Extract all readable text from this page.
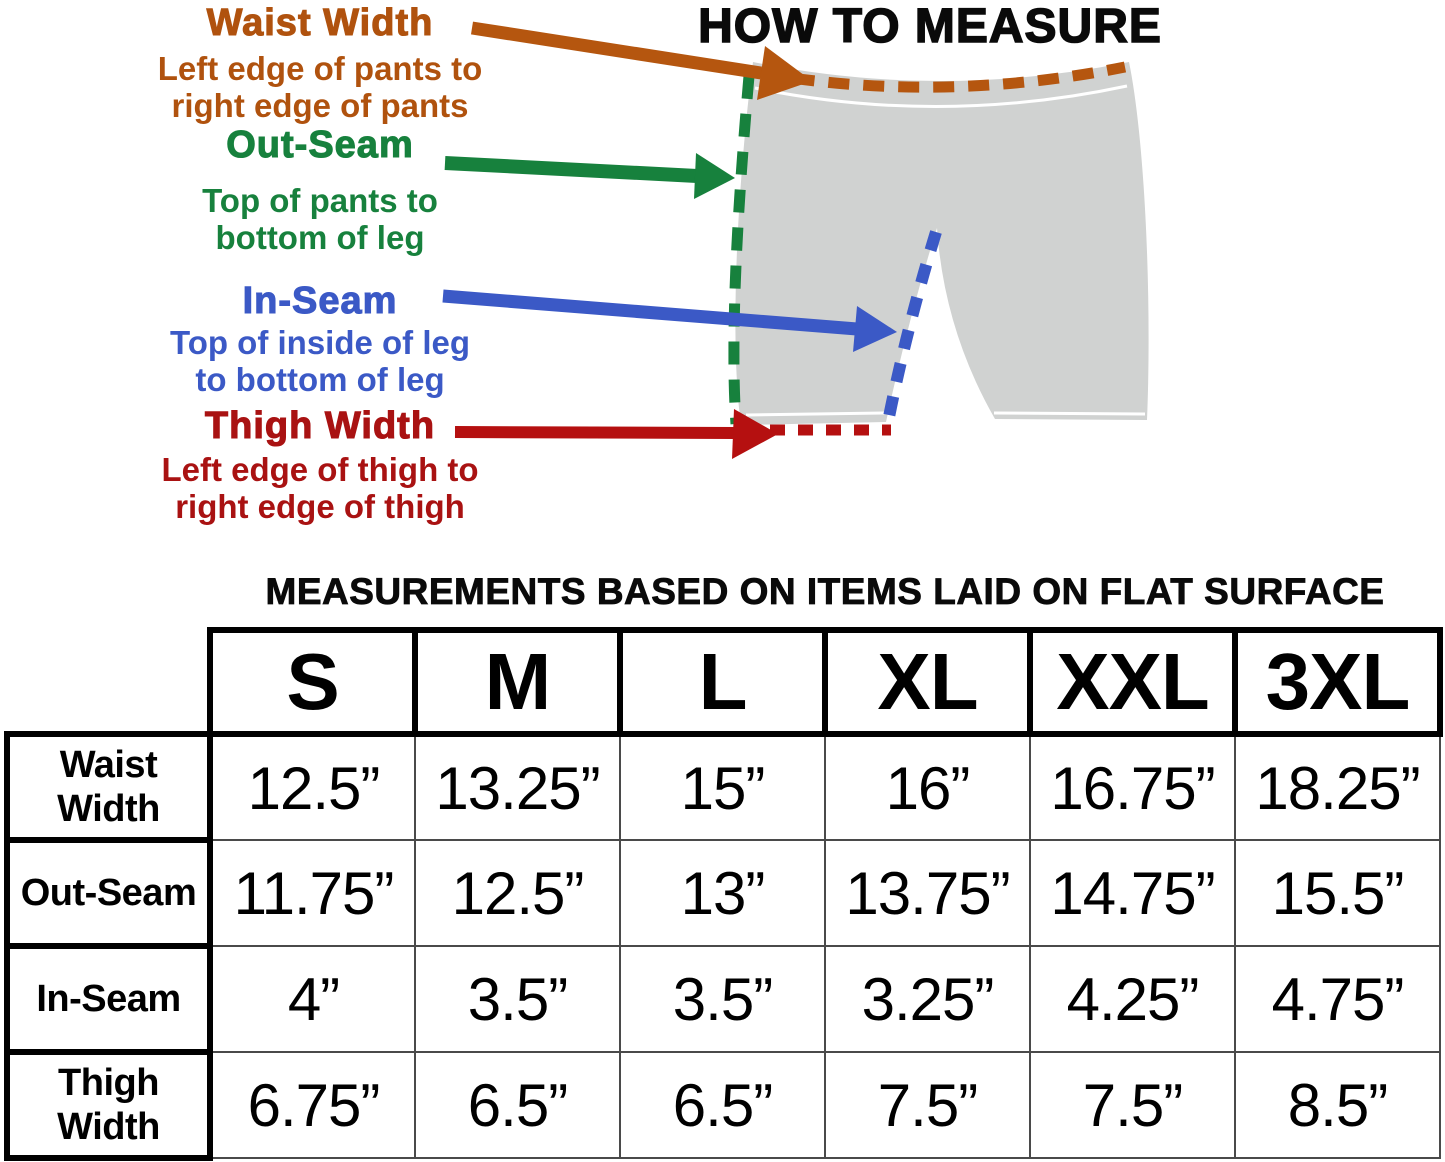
HOW TO MEASURE
Waist Width
Left edge of pants to
right edge of pants
Out-Seam
Top of pants to
bottom of leg
In-Seam
Top of inside of leg
to bottom of leg
Thigh Width
Left edge of thigh to
right edge of thigh
MEASUREMENTS BASED ON ITEMS LAID ON FLAT SURFACE
	S	M	L	XL	XXL	3XL
Waist Width	12.5”	13.25”	15”	16”	16.75”	18.25”
Out-Seam	11.75”	12.5”	13”	13.75”	14.75”	15.5”
In-Seam	4”	3.5”	3.5”	3.25”	4.25”	4.75”
Thigh Width	6.75”	6.5”	6.5”	7.5”	7.5”	8.5”
